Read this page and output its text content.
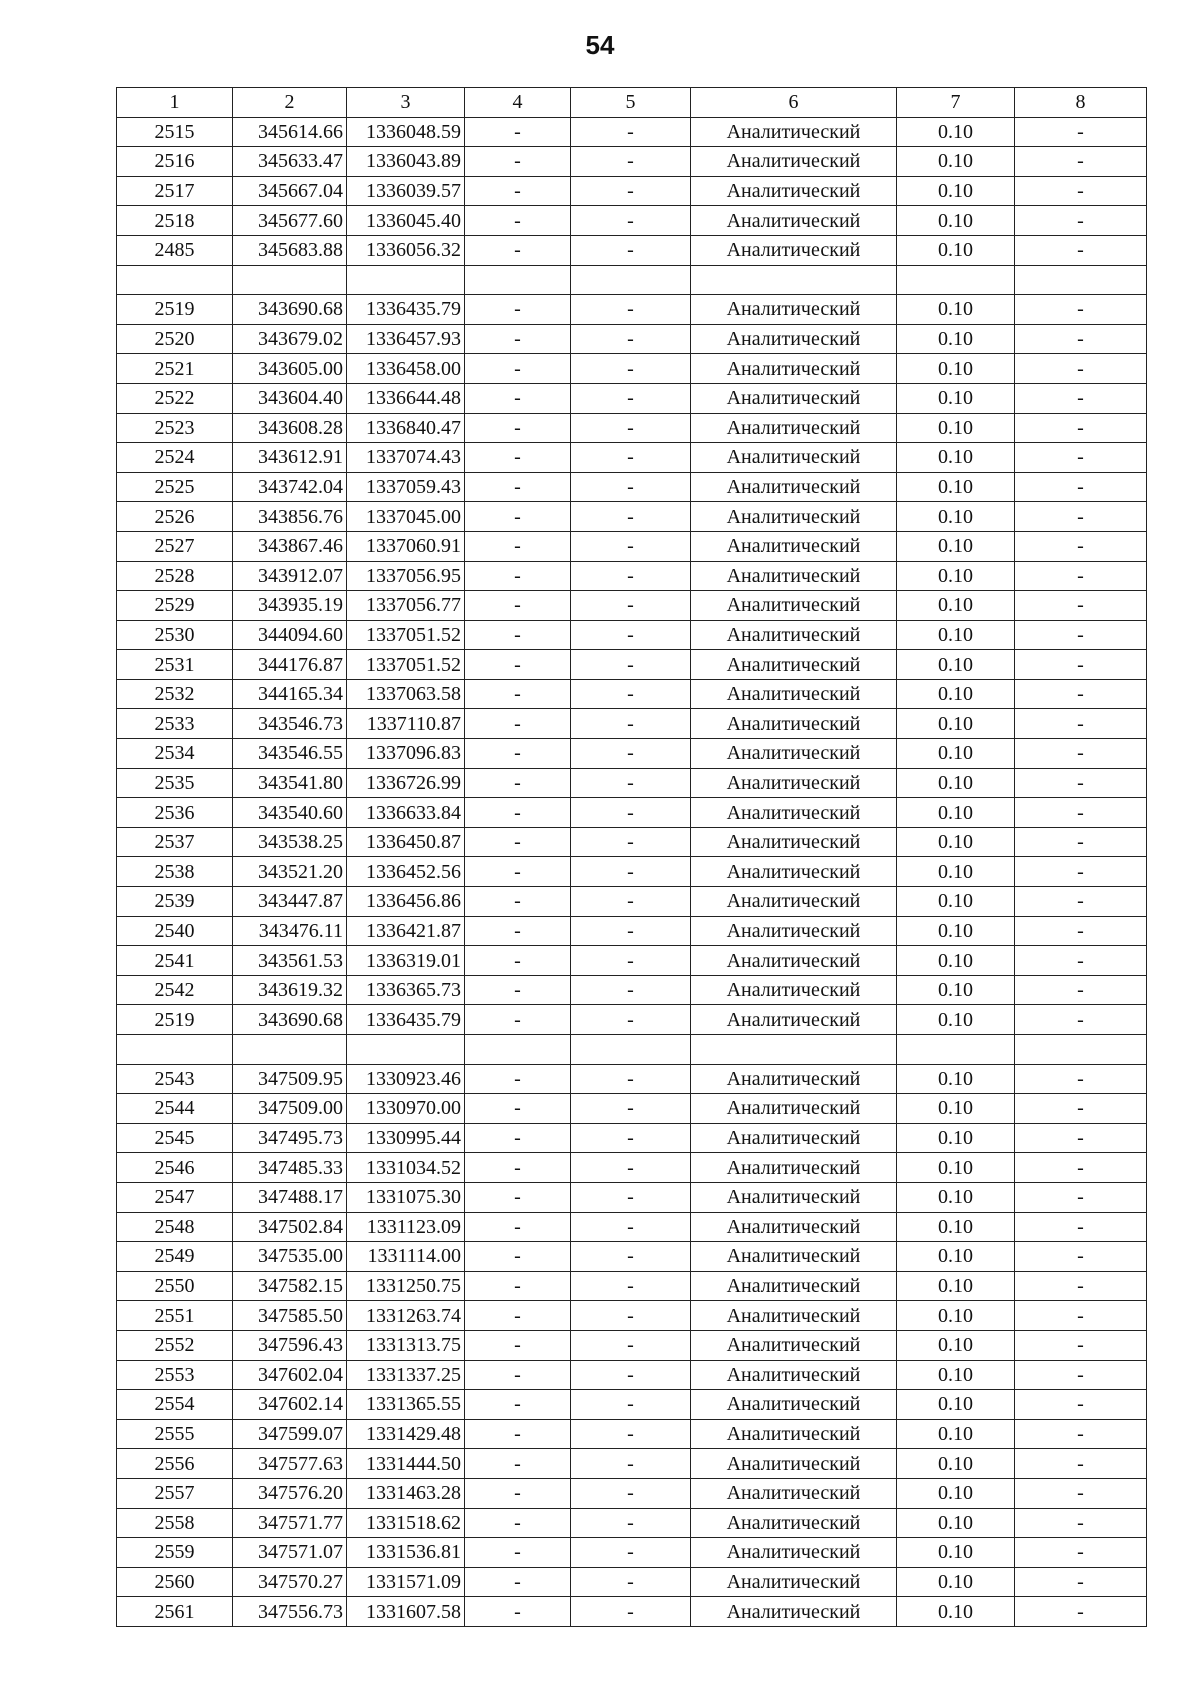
54
1	2	3	4	5	6	7	8
2515	345614.66	1336048.59	-	-	Аналитический	0.10	-
2516	345633.47	1336043.89	-	-	Аналитический	0.10	-
2517	345667.04	1336039.57	-	-	Аналитический	0.10	-
2518	345677.60	1336045.40	-	-	Аналитический	0.10	-
2485	345683.88	1336056.32	-	-	Аналитический	0.10	-

2519	343690.68	1336435.79	-	-	Аналитический	0.10	-
2520	343679.02	1336457.93	-	-	Аналитический	0.10	-
2521	343605.00	1336458.00	-	-	Аналитический	0.10	-
2522	343604.40	1336644.48	-	-	Аналитический	0.10	-
2523	343608.28	1336840.47	-	-	Аналитический	0.10	-
2524	343612.91	1337074.43	-	-	Аналитический	0.10	-
2525	343742.04	1337059.43	-	-	Аналитический	0.10	-
2526	343856.76	1337045.00	-	-	Аналитический	0.10	-
2527	343867.46	1337060.91	-	-	Аналитический	0.10	-
2528	343912.07	1337056.95	-	-	Аналитический	0.10	-
2529	343935.19	1337056.77	-	-	Аналитический	0.10	-
2530	344094.60	1337051.52	-	-	Аналитический	0.10	-
2531	344176.87	1337051.52	-	-	Аналитический	0.10	-
2532	344165.34	1337063.58	-	-	Аналитический	0.10	-
2533	343546.73	1337110.87	-	-	Аналитический	0.10	-
2534	343546.55	1337096.83	-	-	Аналитический	0.10	-
2535	343541.80	1336726.99	-	-	Аналитический	0.10	-
2536	343540.60	1336633.84	-	-	Аналитический	0.10	-
2537	343538.25	1336450.87	-	-	Аналитический	0.10	-
2538	343521.20	1336452.56	-	-	Аналитический	0.10	-
2539	343447.87	1336456.86	-	-	Аналитический	0.10	-
2540	343476.11	1336421.87	-	-	Аналитический	0.10	-
2541	343561.53	1336319.01	-	-	Аналитический	0.10	-
2542	343619.32	1336365.73	-	-	Аналитический	0.10	-
2519	343690.68	1336435.79	-	-	Аналитический	0.10	-

2543	347509.95	1330923.46	-	-	Аналитический	0.10	-
2544	347509.00	1330970.00	-	-	Аналитический	0.10	-
2545	347495.73	1330995.44	-	-	Аналитический	0.10	-
2546	347485.33	1331034.52	-	-	Аналитический	0.10	-
2547	347488.17	1331075.30	-	-	Аналитический	0.10	-
2548	347502.84	1331123.09	-	-	Аналитический	0.10	-
2549	347535.00	1331114.00	-	-	Аналитический	0.10	-
2550	347582.15	1331250.75	-	-	Аналитический	0.10	-
2551	347585.50	1331263.74	-	-	Аналитический	0.10	-
2552	347596.43	1331313.75	-	-	Аналитический	0.10	-
2553	347602.04	1331337.25	-	-	Аналитический	0.10	-
2554	347602.14	1331365.55	-	-	Аналитический	0.10	-
2555	347599.07	1331429.48	-	-	Аналитический	0.10	-
2556	347577.63	1331444.50	-	-	Аналитический	0.10	-
2557	347576.20	1331463.28	-	-	Аналитический	0.10	-
2558	347571.77	1331518.62	-	-	Аналитический	0.10	-
2559	347571.07	1331536.81	-	-	Аналитический	0.10	-
2560	347570.27	1331571.09	-	-	Аналитический	0.10	-
2561	347556.73	1331607.58	-	-	Аналитический	0.10	-
